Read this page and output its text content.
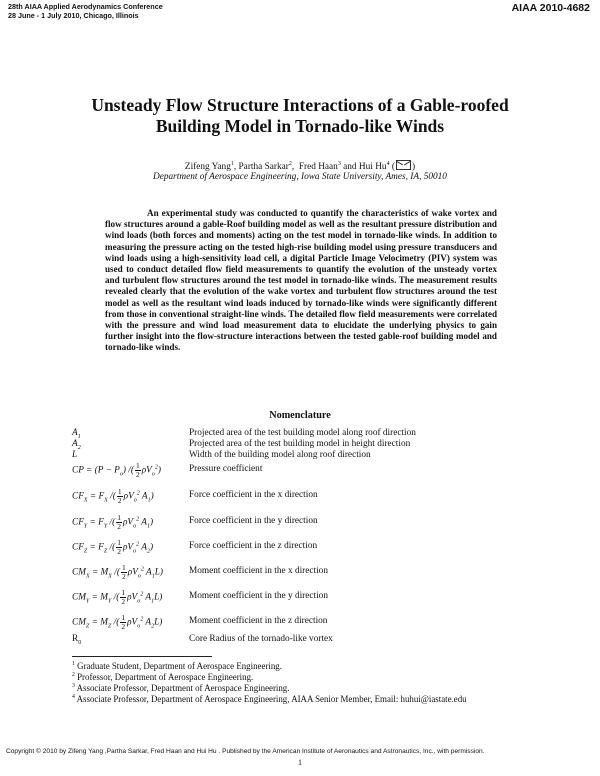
28th AIAA Applied Aerodynamics Conference
28 June - 1 July 2010, Chicago, Illinois
AIAA 2010-4682
Unsteady Flow Structure Interactions of a Gable-roofed
Building Model in Tornado-like Winds
Zifeng Yang$^1$, Partha Sarkar$^2$,  Fred Haan$^3$ and Hui Hu$^4$ ( )
Department of Aerospace Engineering, Iowa State University, Ames, IA, 50010

An experimental study was conducted to quantify the characteristics of wake vortex and flow structures around a gable-Roof building model as well as the resultant pressure distribution and wind loads (both forces and moments) acting on the test model in tornado-like winds. In addition to measuring the pressure acting on the tested high-rise building model using pressure transducers and wind loads using a high-sensitivity load cell, a digital Particle Image Velocimetry (PIV) system was used to conduct detailed flow field measurements to quantify the evolution of the unsteady vortex and turbulent flow structures around the test model in tornado-like winds. The measurement results revealed clearly that the evolution of the wake vortex and turbulent flow structures around the test model as well as the resultant wind loads induced by tornado-like winds were significantly different from those in conventional straight-line winds. The detailed flow field measurements were correlated with the pressure and wind load measurement data to elucidate the underlying physics to gain further insight into the flow-structure interactions between the tested gable-roof building model and tornado-like winds.

Nomenclature
$A_1$	Projected area of the test building model along roof direction
$A_2$	Projected area of the test building model in height direction
L	Width of the building model along roof direction
CP = $(P - P_o)$ /( $\frac{1}{2} \rho V_o^2$)	Pressure coefficient
$CF_X = F_X$ /( $\frac{1}{2} \rho V_o^2$ $A_1$)	Force coefficient in the x direction
$CF_Y = F_Y$ /( $\frac{1}{2} \rho V_o^2$ $A_1$)	Force coefficient in the y direction
$CF_Z = F_Z$ /( $\frac{1}{2} \rho V_o^2$ $A_2$)	Force coefficient in the z direction
$CM_X = M_X$ /( $\frac{1}{2} \rho V_o^2$ $A_1L$)	Moment coefficient in the x direction
$CM_Y = M_Y$ /( $\frac{1}{2} \rho V_o^2$ $A_1L$)	Moment coefficient in the y direction
$CM_Z = M_Z$ /( $\frac{1}{2} \rho V_o^2$ $A_2L$)	Moment coefficient in the z direction
$R_0$	Core Radius of the tornado-like vortex
$^1$ Graduate Student, Department of Aerospace Engineering.
$^2$ Professor, Department of Aerospace Engineering.
$^3$ Associate Professor, Department of Aerospace Engineering.
$^4$ Associate Professor, Department of Aerospace Engineering, AIAA Senior Member, Email: huhui@iastate.edu
Copyright © 2010 by Zifeng Yang ,Partha Sarkar, Fred Haan and Hui Hu . Published by the American Institute of Aeronautics and Astronautics, Inc., with permission.
1
